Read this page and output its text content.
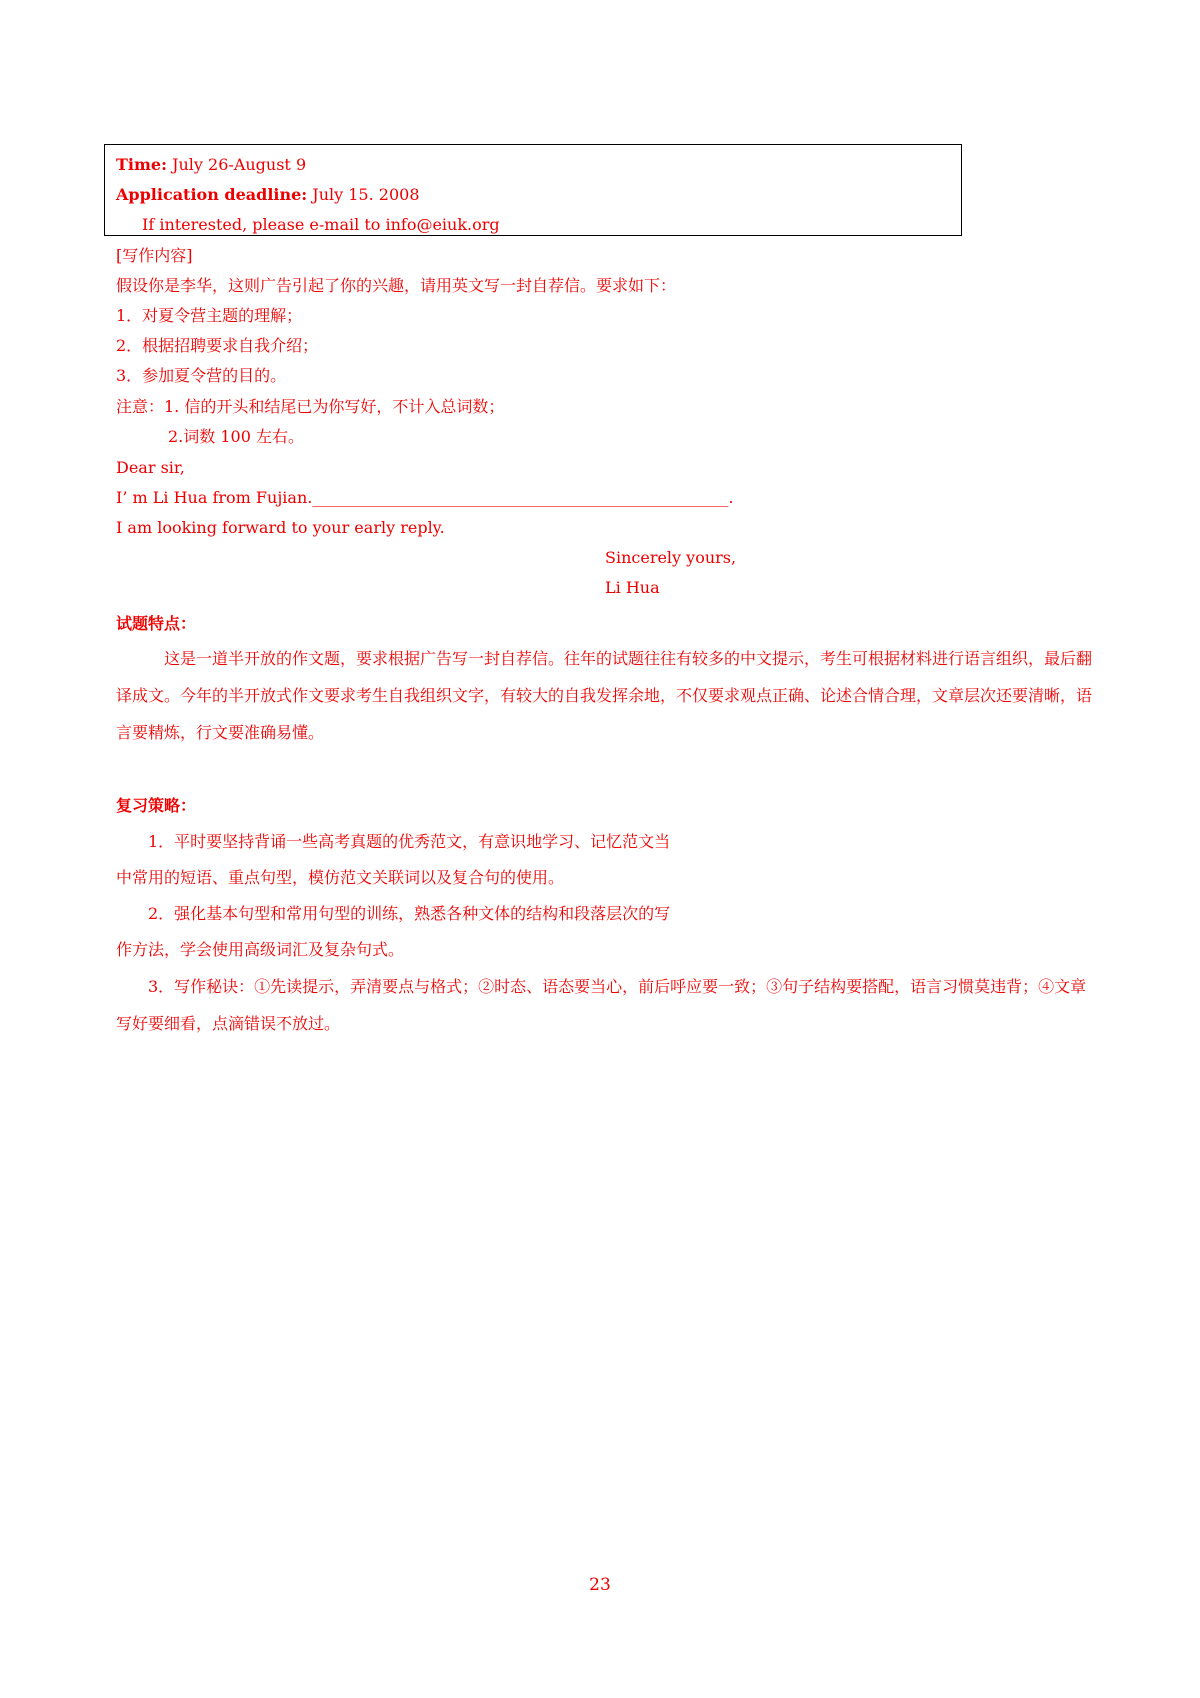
Time: July 26-August 9
Application deadline: July 15. 2008
If interested, please e-mail to info@eiuk.org
[写作内容]
假设你是李华，这则广告引起了你的兴趣，请用英文写一封自荐信。要求如下：
1．对夏令营主题的理解；
2．根据招聘要求自我介绍；
3．参加夏令营的目的。
注意：1. 信的开头和结尾已为你写好，不计入总词数；
2.词数 100 左右。
Dear sir,
I’ m Li Hua from Fujian.____________________________________________________.
I am looking forward to your early reply.
Sincerely yours,
Li Hua
试题特点：
这是一道半开放的作文题，要求根据广告写一封自荐信。往年的试题往往有较多的中文提示，考生可根据材料进行语言组织，最后翻译成文。今年的半开放式作文要求考生自我组织文字，有较大的自我发挥余地，不仅要求观点正确、论述合情合理，文章层次还要清晰，语言要精炼，行文要准确易懂。
复习策略：
1．平时要坚持背诵一些高考真题的优秀范文，有意识地学习、记忆范文当
中常用的短语、重点句型，模仿范文关联词以及复合句的使用。
2．强化基本句型和常用句型的训练，熟悉各种文体的结构和段落层次的写
作方法，学会使用高级词汇及复杂句式。
3．写作秘诀：①先读提示，弄清要点与格式；②时态、语态要当心，前后呼应要一致；③句子结构要搭配，语言习惯莫违背；④文章写好要细看，点滴错误不放过。
23
